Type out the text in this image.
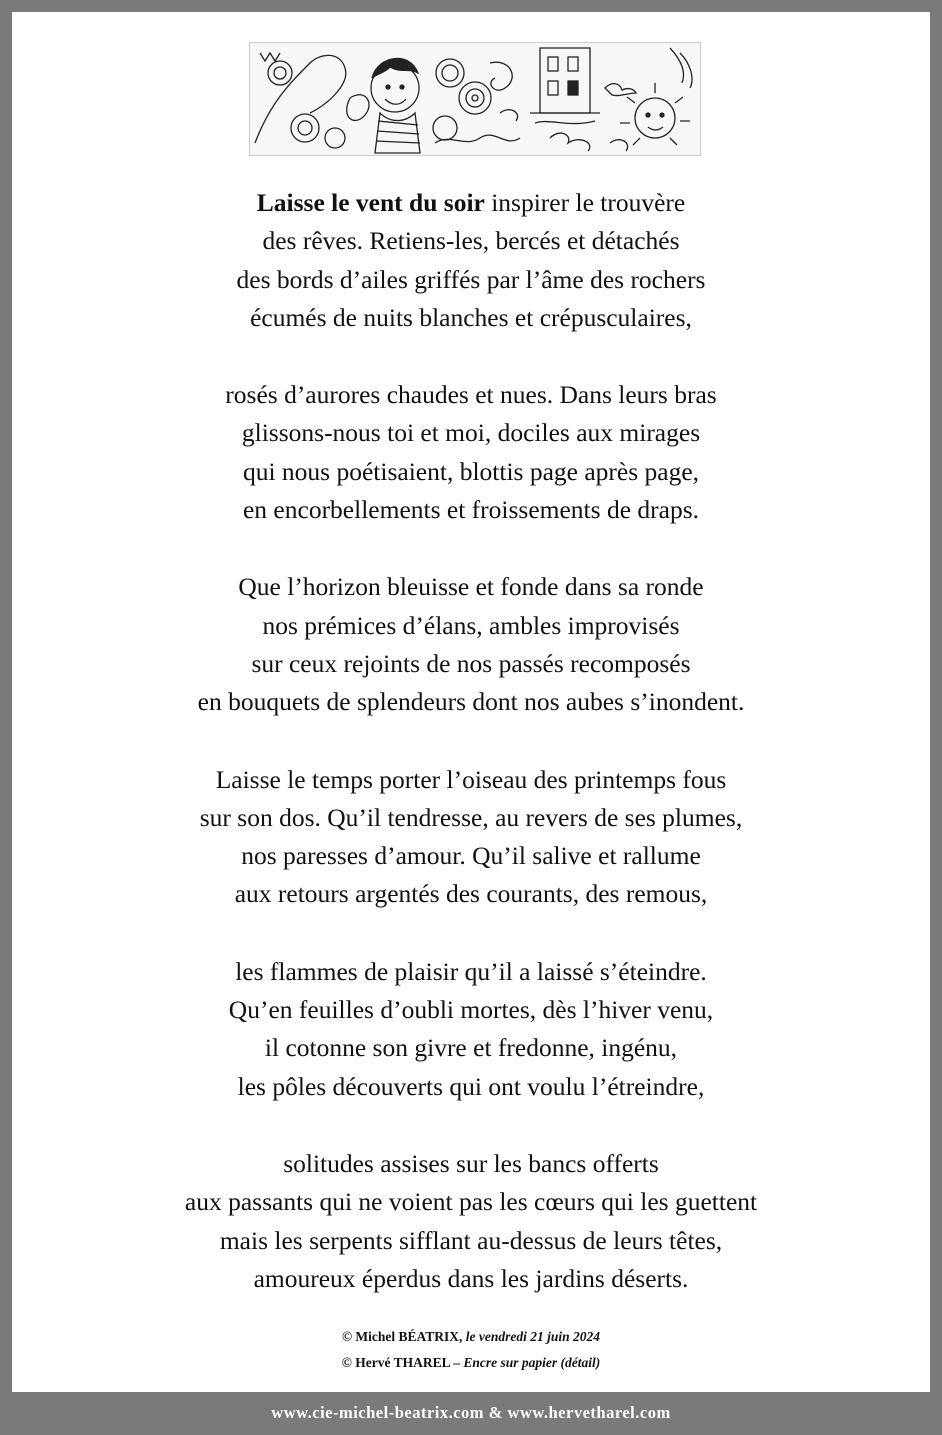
Laisse le vent du soir inspirer le trouvère
des rêves. Retiens-les, bercés et détachés
des bords d’ailes griffés par l’âme des rochers
écumés de nuits blanches et crépusculaires,
rosés d’aurores chaudes et nues. Dans leurs bras
glissons-nous toi et moi, dociles aux mirages
qui nous poétisaient, blottis page après page,
en encorbellements et froissements de draps.
Que l’horizon bleuisse et fonde dans sa ronde
nos prémices d’élans, ambles improvisés
sur ceux rejoints de nos passés recomposés
en bouquets de splendeurs dont nos aubes s’inondent.
Laisse le temps porter l’oiseau des printemps fous
sur son dos. Qu’il tendresse, au revers de ses plumes,
nos paresses d’amour. Qu’il salive et rallume
aux retours argentés des courants, des remous,
les flammes de plaisir qu’il a laissé s’éteindre.
Qu’en feuilles d’oubli mortes, dès l’hiver venu,
il cotonne son givre et fredonne, ingénu,
les pôles découverts qui ont voulu l’étreindre,
solitudes assises sur les bancs offerts
aux passants qui ne voient pas les cœurs qui les guettent
mais les serpents sifflant au-dessus de leurs têtes,
amoureux éperdus dans les jardins déserts.
© Michel BÉATRIX, le vendredi 21 juin 2024
© Hervé THAREL – Encre sur papier (détail)
www.cie-michel-beatrix.com & www.hervetharel.com
